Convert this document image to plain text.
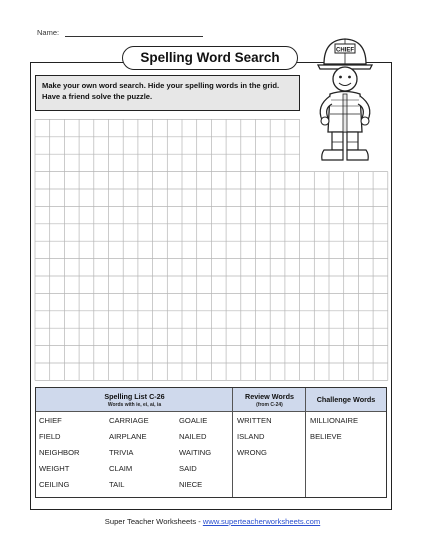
Name:
Spelling Word Search
Make your own word search. Hide your spelling words in the grid. Have a friend solve the puzzle.
CHIEF
Spelling List C-26
Words with ie, ei, ai, ia
Review Words
(from C-24)
Challenge Words
CHIEF
FIELD
NEIGHBOR
WEIGHT
CEILING
CARRIAGE
AIRPLANE
TRIVIA
CLAIM
TAIL
GOALIE
NAILED
WAITING
SAID
NIECE
WRITTEN
ISLAND
WRONG
MILLIONAIRE
BELIEVE
Super Teacher Worksheets - www.superteacherworksheets.com
